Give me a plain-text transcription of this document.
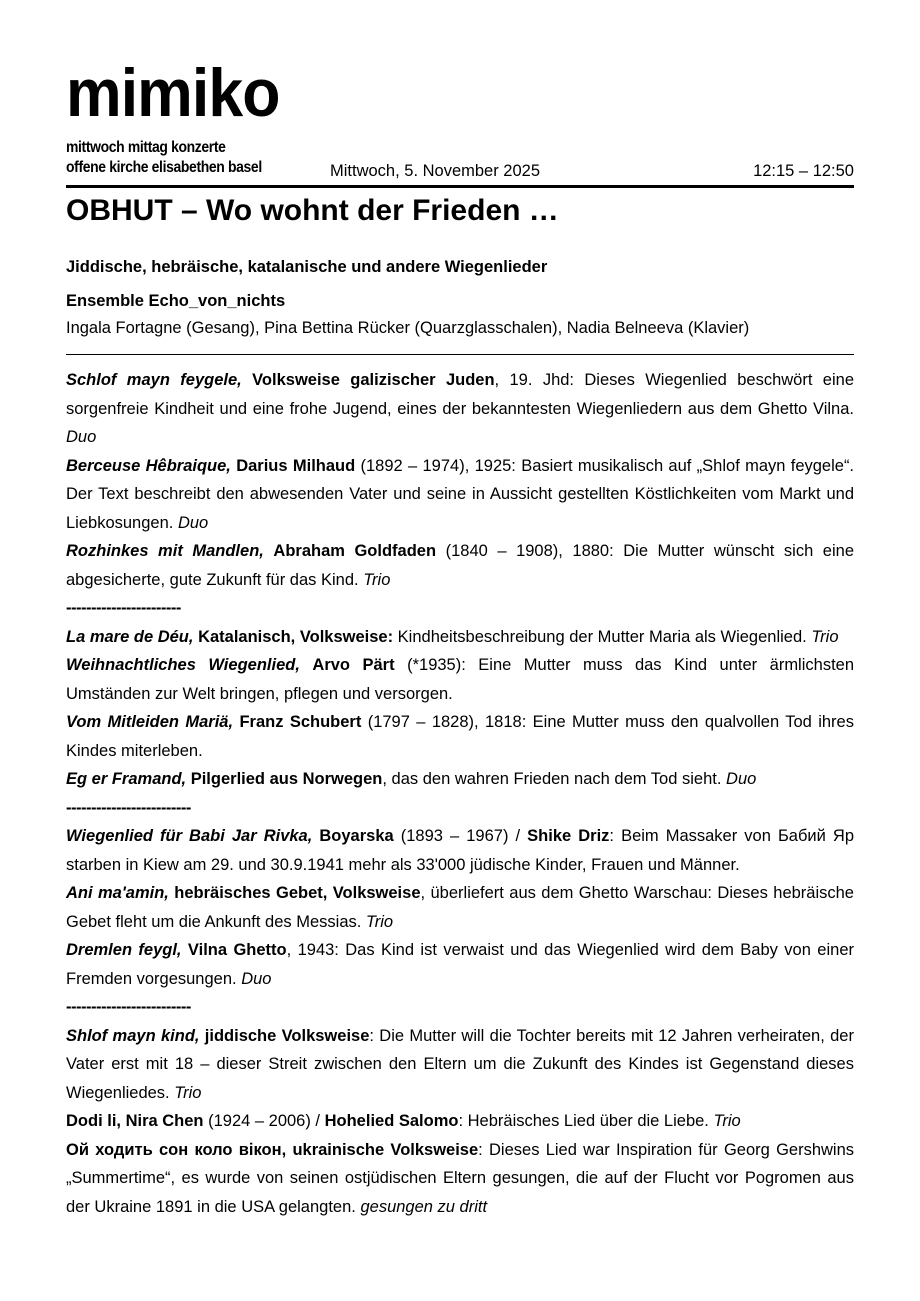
mimiko
mittwoch mittag konzerte
offene kirche elisabethen basel	Mittwoch, 5. November 2025	12:15 – 12:50
OBHUT – Wo wohnt der Frieden …
Jiddische, hebräische, katalanische und andere Wiegenlieder
Ensemble Echo_von_nichts
Ingala Fortagne (Gesang), Pina Bettina Rücker (Quarzglasschalen), Nadia Belneeva (Klavier)

Schlof mayn feygele, Volksweise galizischer Juden, 19. Jhd: Dieses Wiegenlied beschwört eine sorgenfreie Kindheit und eine frohe Jugend, eines der bekanntesten Wiegenliedern aus dem Ghetto Vilna. Duo

Berceuse Hêbraique, Darius Milhaud (1892 – 1974), 1925: Basiert musikalisch auf „Shlof mayn feygele“. Der Text beschreibt den abwesenden Vater und seine in Aussicht gestellten Köstlichkeiten vom Markt und Liebkosungen. Duo

Rozhinkes mit Mandlen, Abraham Goldfaden (1840 – 1908), 1880: Die Mutter wünscht sich eine abgesicherte, gute Zukunft für das Kind. Trio

-----------------------

La mare de Déu, Katalanisch, Volksweise: Kindheitsbeschreibung der Mutter Maria als Wiegenlied. Trio

Weihnachtliches Wiegenlied, Arvo Pärt (*1935): Eine Mutter muss das Kind unter ärmlichsten Umständen zur Welt bringen, pflegen und versorgen.

Vom Mitleiden Mariä, Franz Schubert (1797 – 1828), 1818: Eine Mutter muss den qualvollen Tod ihres Kindes miterleben.

Eg er Framand, Pilgerlied aus Norwegen, das den wahren Frieden nach dem Tod sieht. Duo

-------------------------

Wiegenlied für Babi Jar Rivka, Boyarska (1893 – 1967) / Shike Driz: Beim Massaker von Бабий Яр starben in Kiew am 29. und 30.9.1941 mehr als 33'000 jüdische Kinder, Frauen und Männer.

Ani ma'amin, hebräisches Gebet, Volksweise, überliefert aus dem Ghetto Warschau: Dieses hebräische Gebet fleht um die Ankunft des Messias. Trio

Dremlen feygl, Vilna Ghetto, 1943: Das Kind ist verwaist und das Wiegenlied wird dem Baby von einer Fremden vorgesungen. Duo

-------------------------

Shlof mayn kind, jiddische Volksweise: Die Mutter will die Tochter bereits mit 12 Jahren verheiraten, der Vater erst mit 18 – dieser Streit zwischen den Eltern um die Zukunft des Kindes ist Gegenstand dieses Wiegenliedes. Trio

Dodi li, Nira Chen (1924 – 2006) / Hohelied Salomo: Hebräisches Lied über die Liebe. Trio

Ой ходить сон коло вікон, ukrainische Volksweise: Dieses Lied war Inspiration für Georg Gershwins „Summertime“, es wurde von seinen ostjüdischen Eltern gesungen, die auf der Flucht vor Pogromen aus der Ukraine 1891 in die USA gelangten. gesungen zu dritt
